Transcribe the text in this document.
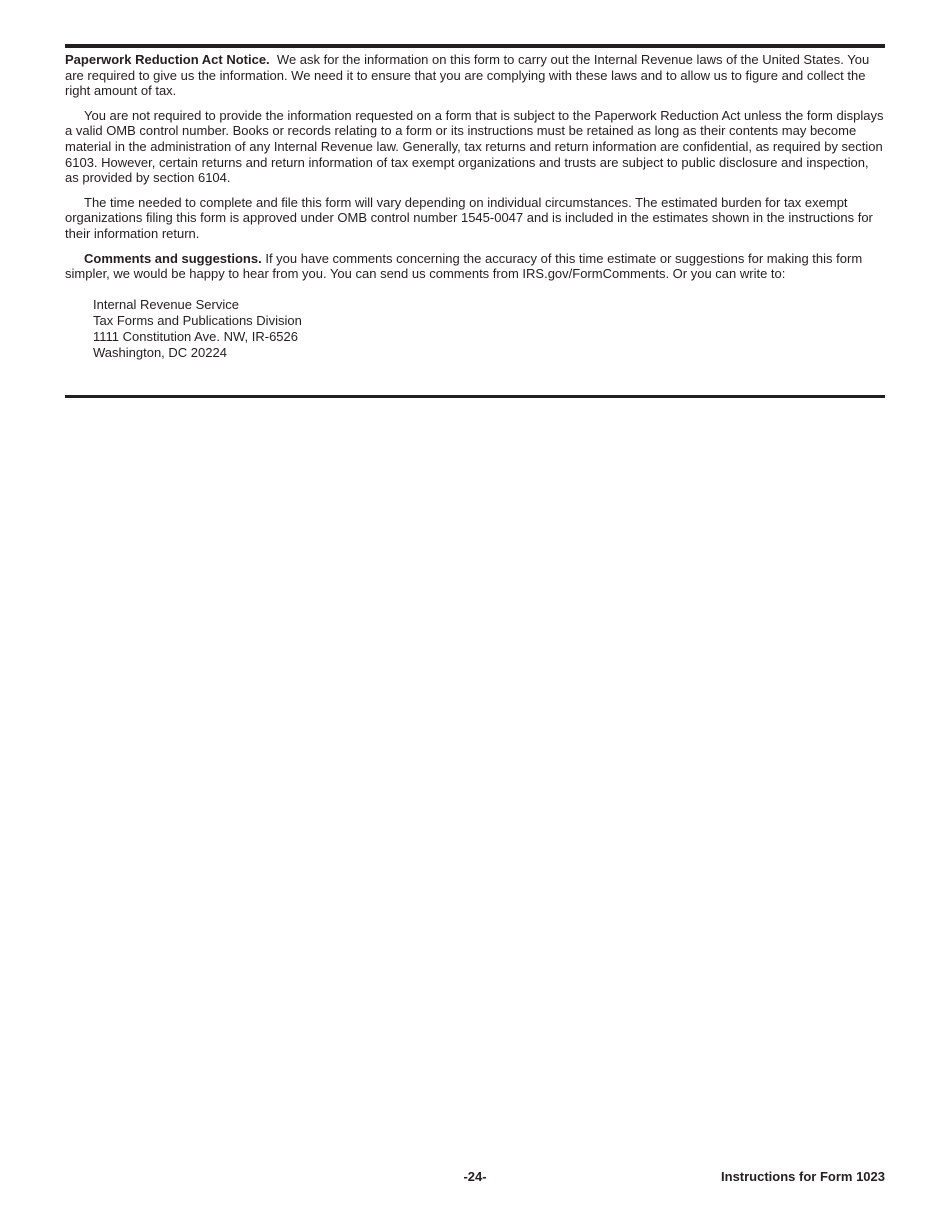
Paperwork Reduction Act Notice. We ask for the information on this form to carry out the Internal Revenue laws of the United States. You are required to give us the information. We need it to ensure that you are complying with these laws and to allow us to figure and collect the right amount of tax.

You are not required to provide the information requested on a form that is subject to the Paperwork Reduction Act unless the form displays a valid OMB control number. Books or records relating to a form or its instructions must be retained as long as their contents may become material in the administration of any Internal Revenue law. Generally, tax returns and return information are confidential, as required by section 6103. However, certain returns and return information of tax exempt organizations and trusts are subject to public disclosure and inspection, as provided by section 6104.

The time needed to complete and file this form will vary depending on individual circumstances. The estimated burden for tax exempt organizations filing this form is approved under OMB control number 1545-0047 and is included in the estimates shown in the instructions for their information return.

Comments and suggestions. If you have comments concerning the accuracy of this time estimate or suggestions for making this form simpler, we would be happy to hear from you. You can send us comments from IRS.gov/FormComments. Or you can write to:

Internal Revenue Service
Tax Forms and Publications Division
1111 Constitution Ave. NW, IR-6526
Washington, DC 20224
-24-	Instructions for Form 1023
